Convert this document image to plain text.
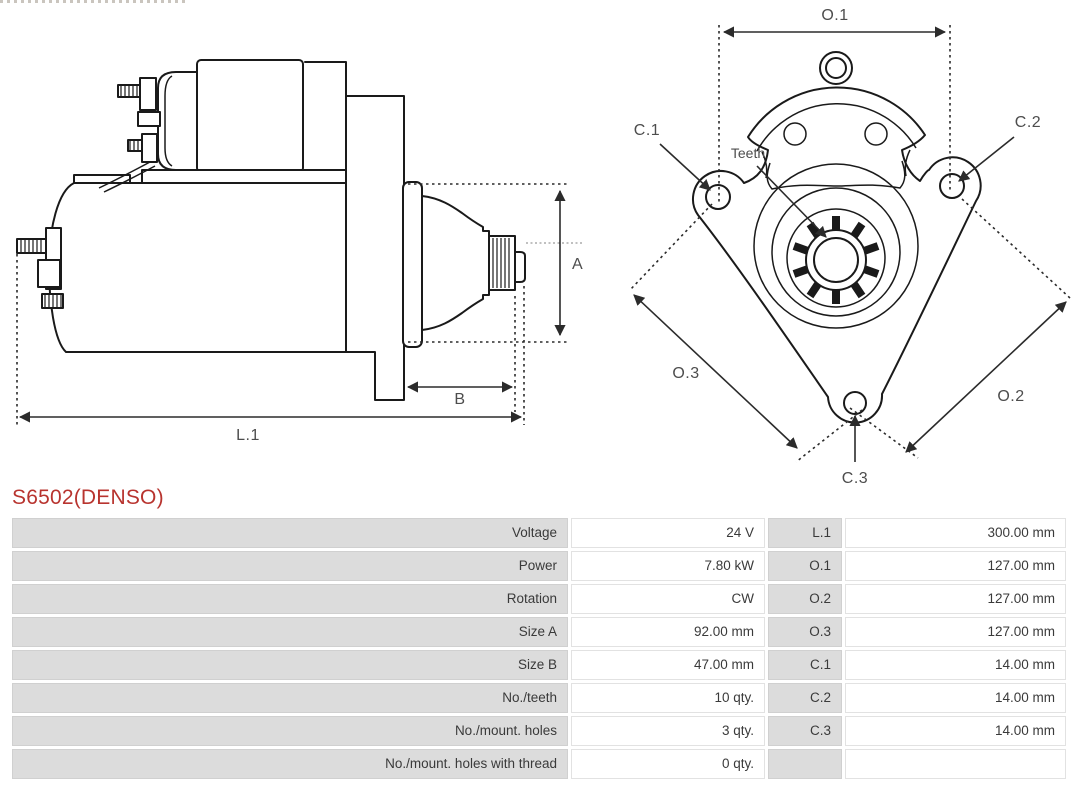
A
B
L.1
O.1
C.1	C.2
Teeth
O.3
O.2
C.3
S6502(DENSO)
Voltage	24 V	L.1	300.00 mm
Power	7.80 kW	O.1	127.00 mm
Rotation	CW	O.2	127.00 mm
Size A	92.00 mm	O.3	127.00 mm
Size B	47.00 mm	C.1	14.00 mm
No./teeth	10 qty.	C.2	14.00 mm
No./mount. holes	3 qty.	C.3	14.00 mm
No./mount. holes with thread	0 qty.
